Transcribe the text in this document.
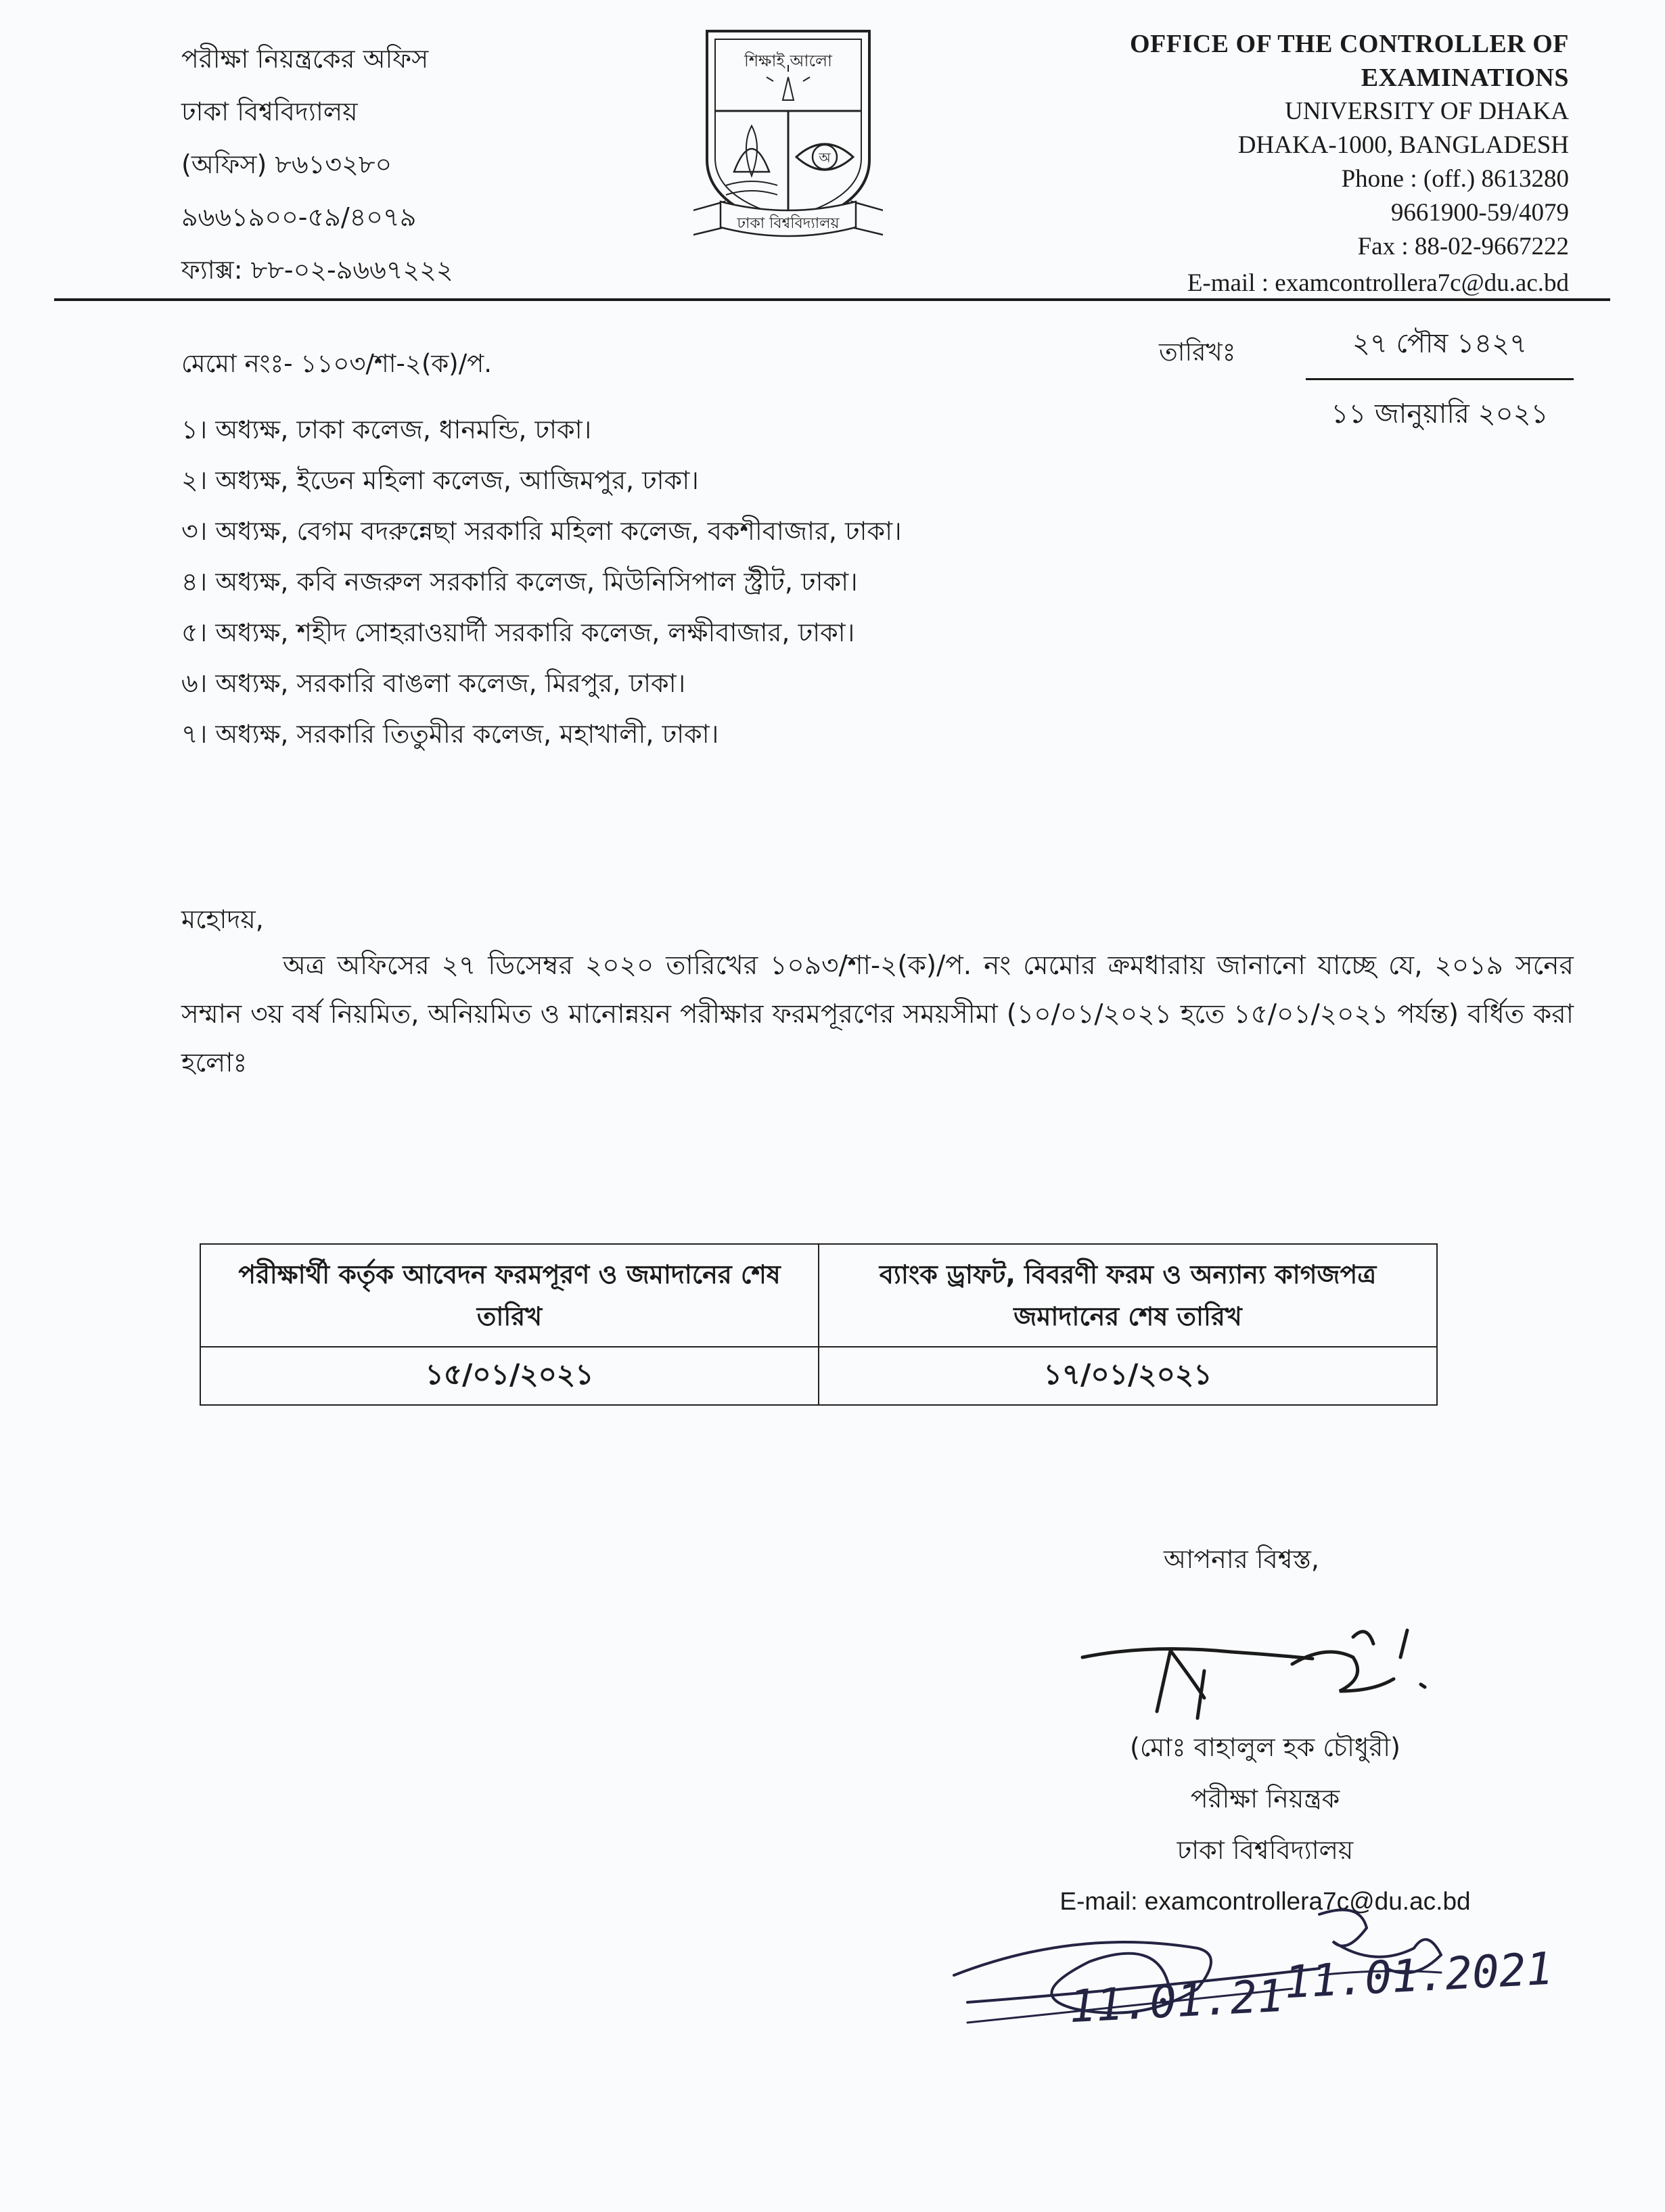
পরীক্ষা নিয়ন্ত্রকের অফিস
ঢাকা বিশ্ববিদ্যালয়
(অফিস) ৮৬১৩২৮০
৯৬৬১৯০০-৫৯/৪০৭৯
ফ্যাক্স: ৮৮-০২-৯৬৬৭২২২
শিক্ষাই আলো
অ
ঢাকা বিশ্ববিদ্যালয়
OFFICE OF THE CONTROLLER OF
EXAMINATIONS
UNIVERSITY OF DHAKA
DHAKA-1000, BANGLADESH
Phone : (off.) 8613280
9661900-59/4079
Fax : 88-02-9667222
E-mail : examcontrollera7c@du.ac.bd
মেমো নংঃ- ১১০৩/শা-২(ক)/প.	তারিখঃ	২৭ পৌষ ১৪২৭
১১ জানুয়ারি ২০২১
১। অধ্যক্ষ, ঢাকা কলেজ, ধানমন্ডি, ঢাকা।
২। অধ্যক্ষ, ইডেন মহিলা কলেজ, আজিমপুর, ঢাকা।
৩। অধ্যক্ষ, বেগম বদরুন্নেছা সরকারি মহিলা কলেজ, বকশীবাজার, ঢাকা।
৪। অধ্যক্ষ, কবি নজরুল সরকারি কলেজ, মিউনিসিপাল স্ট্রীট, ঢাকা।
৫। অধ্যক্ষ, শহীদ সোহরাওয়ার্দী সরকারি কলেজ, লক্ষীবাজার, ঢাকা।
৬। অধ্যক্ষ, সরকারি বাঙলা কলেজ, মিরপুর, ঢাকা।
৭। অধ্যক্ষ, সরকারি তিতুমীর কলেজ, মহাখালী, ঢাকা।
মহোদয়,
অত্র অফিসের ২৭ ডিসেম্বর ২০২০ তারিখের ১০৯৩/শা-২(ক)/প. নং মেমোর ক্রমধারায় জানানো যাচ্ছে যে, ২০১৯ সনের সম্মান ৩য় বর্ষ নিয়মিত, অনিয়মিত ও মানোন্নয়ন পরীক্ষার ফরমপূরণের সময়সীমা (১০/০১/২০২১ হতে ১৫/০১/২০২১ পর্যন্ত) বর্ধিত করা হলোঃ
পরীক্ষার্থী কর্তৃক আবেদন ফরমপূরণ ও জমাদানের শেষ তারিখ	ব্যাংক ড্রাফট, বিবরণী ফরম ও অন্যান্য কাগজপত্র জমাদানের শেষ তারিখ
১৫/০১/২০২১	১৭/০১/২০২১
আপনার বিশ্বস্ত,
(মোঃ বাহালুল হক চৌধুরী)
পরীক্ষা নিয়ন্ত্রক
ঢাকা বিশ্ববিদ্যালয়
E-mail: examcontrollera7c@du.ac.bd
11.01.21
11.01.2021
